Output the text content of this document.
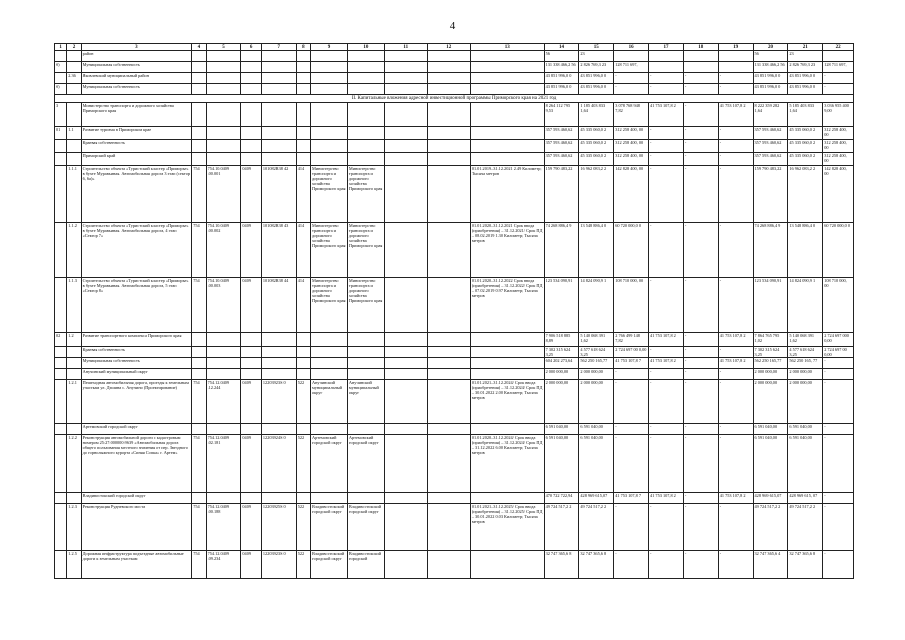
4
1	2	3	4	5	6	7	8	9	10	11	12	13	14	15	16	17	18	19	20	21	22
		район											56	23					56	23	
б)		Муниципальная собственность											131 338 466,2 56	2 826 769,3 23	128 711 697,				131 338 466,2 56	2 826 769,3 23	128 711 697,
	2.36	Яковлевский муниципальный район											43 851 996,0 0	43 851 996,0 0	-	-	-	-	43 851 996,0 0	43 851 996,0 0	-
б)		Муниципальная собственность											43 851 996,0 0	43 851 996,0 0	-	-	-	-	43 851 996,0 0	43 851 996,0 0	-
II. Капитальные вложения адресной инвестиционной программы Приморского края на 2021 год																					
3		Министерство транспорта и дорожного хозяйства Приморского края											8 264 112 795 9,53	1 185 403 833 1,64	3 078 768 948 7,82	41 753 107,8 2	-	41 753 107,8 2	8 222 359 282 1,64	5 185 403 833 1,64	3 036 955 400 9,00
01	1.1	Развитие туризма в Приморском крае											357 593 460,62	45 335 060,0 2	312 258 400, 00	-	-	-	357 593 460,62	45 335 060,0 2	312 258 400, 00
		Краевая собственность											357 593 460,62	45 335 060,0 2	312 258 400, 00	-	-	-	357 593 460,62	45 335 060,0 2	312 258 400, 00
		Приморский край											357 593 460,62	45 335 060,0 2	312 258 400, 00	-	-	-	357 593 460,62	45 335 060,0 2	312 258 400, 00
	1.1.1	Строительство объекта «Туристский кластер «Приморье» в бухте Муравьиная. Автомобильная дорога 3 этап (сектор 6, 6а)»	754	754.10.0409 .00.001	0409	101082R38 42	414	Министерство транспорта и дорожного хозяйства Приморского края	Министерство транспорта и дорожного хозяйства Приморского края			01.01.2019–31.12.2021 2.49 Километр; Тысяча метров	159 790 483,22	16 962 083,2 2	142 828 400, 00	-	-	-	159 790 483,22	16 962 083,2 2	142 828 400, 00
	1.1.2	Строительство объекта «Туристский кластер «Приморье» в бухте Муравьиная. Автомобильная дорога, 4 этап «Сектор 7»	754	754.10.0409 .00.002	0409	101082R38 43	414	Министерство транспорта и дорожного хозяйства Приморского края	Министерство транспорта и дорожного хозяйства Приморского края			01.01.2020–31.12.2021 Срок ввода (приобретения) – 31.12.2021/ Срок ПД – 08.02.2019 1.30 Километр; Тысяча метров	74 268 886,4 9	13 548 886,4 0	60 720 000,0 0	-	-	-	74 268 886,4 9	13 548 886,4 0	60 720 000,0 0
	1.1.3	Строительство объекта «Туристский кластер «Приморье» в бухте Муравьиная. Автомобильная дорога, 5 этап «Сектор 8»	754	754.10.0409 .00.003	0409	101082R38 44	414	Министерство транспорта и дорожного хозяйства Приморского края	Министерство транспорта и дорожного хозяйства Приморского края			01.01.2020–31.12.2022 Срок ввода (приобретения) – 31.12.2022/ Срок ПД – 07.02.2019 0.97 Километр; Тысяча метров	123 534 090,91	14 824 090,9 1	108 710 000, 00	-	-	-	123 534 090,91	14 824 090,9 1	108 710 000, 00
02	1.2	Развитие транспортного комплекса Приморского края											7 906 518 885 8,89	5 140 068 391 1,62	2 766 499 148 7,82	41 753 107,8 2	-	41 753 107,8 2	7 864 765 795 1,02	5 140 068 391 1,62	2 724 697 000 0,00
		Краевая собственность											7 302 315 624 3,25	4 577 618 624 3,25	2 724 697 00 0,00	-	-	-	7 302 315 624 3,25	4 577 618 624 3,25	2 724 697 00 0,00
		Муниципальная собственность											604 202 273,64	562 250 165,77	41 753 107,8 7	41 753 107,8 2	-	41 753 107,8 2	562 250 165,77	562 250 165, 77	-
		Анучинский муниципальный округ											2 000 000,00	2 000 000,00	-	-	-	-	2 000 000,00	2 000 000,00	-
	1.2.1	Пешеходная автомобильная дорога, проезды к земельным участкам ул. Дэшина с. Анучино (Проектирование)	754	754.12.0409 .12.244	0409	12203923S 0	522	Анучинский муниципальный округ	Анучинский муниципальный округ			01.01.2021–31.12.2024/ Срок ввода (приобретения) – 31.12.2024/ Срок ПД – 30.01.2022 2.00 Километр; Тысяча метров	2 000 000,00	2 000 000,00	-	-	-	-	2 000 000,00	2 000 000,00	-
		Артемовский городской округ											6 591 040,00	6 591 040,00	-	-	-	-	6 591 040,00	6 591 040,00	-
	1.2.2	Реконструкция автомобильной дороги с кадастровым номером 25:27:000000:9639 «Автомобильная дорога общего пользования местного значения от пер. Звездного до горнолыжного курорта «Синяя Сопка» г. Артем»	754	754.12.0409 .02.181	0409	12203924S 0	522	Артемовский городской округ	Артемовский городской округ			01.01.2020–31.12.2024/ Срок ввода (приобретения) – 31.12.2024/ Срок ПД – 31.12.2022 6.00 Километр; Тысяча метров	6 591 040,00	6 591 040,00	-	-	-	-	6 591 040,00	6 591 040,00	-
		Владивостокский городской округ											470 722 722,94	428 969 615,07	41 753 107,8 7	41 753 107,8 2	-	41 753 107,8 2	428 969 615,07	428 969 615, 07	-
	1.2.3	Реконструкция Рудневского моста	754	754.12.0409 .00.188	0409	12203925S 0	522	Владивостокский городской округ	Владивостокский городской округ			01.01.2021–31.12.2025/ Срок ввода (приобретения) – 31.12.2025/ Срок ПД – 30.01.2022 0.03 Километр; Тысяча метров	49 724 517,2 2	49 724 517,2 2	-	-	-	-	49 724 517,2 2	49 724 517,2 2	-
	1.2.5	Дорожная инфраструктура подъездные автомобильные дороги к земельным участкам	754	754.12.0409 .09.234	0409	12203923S 0	522	Владивостокский городской округ	Владивостокский городской				32 747 365,6 8	32 747 365,6 8	-	-	-	-	32 747 365,6 4	32 747 365,6 8	-
